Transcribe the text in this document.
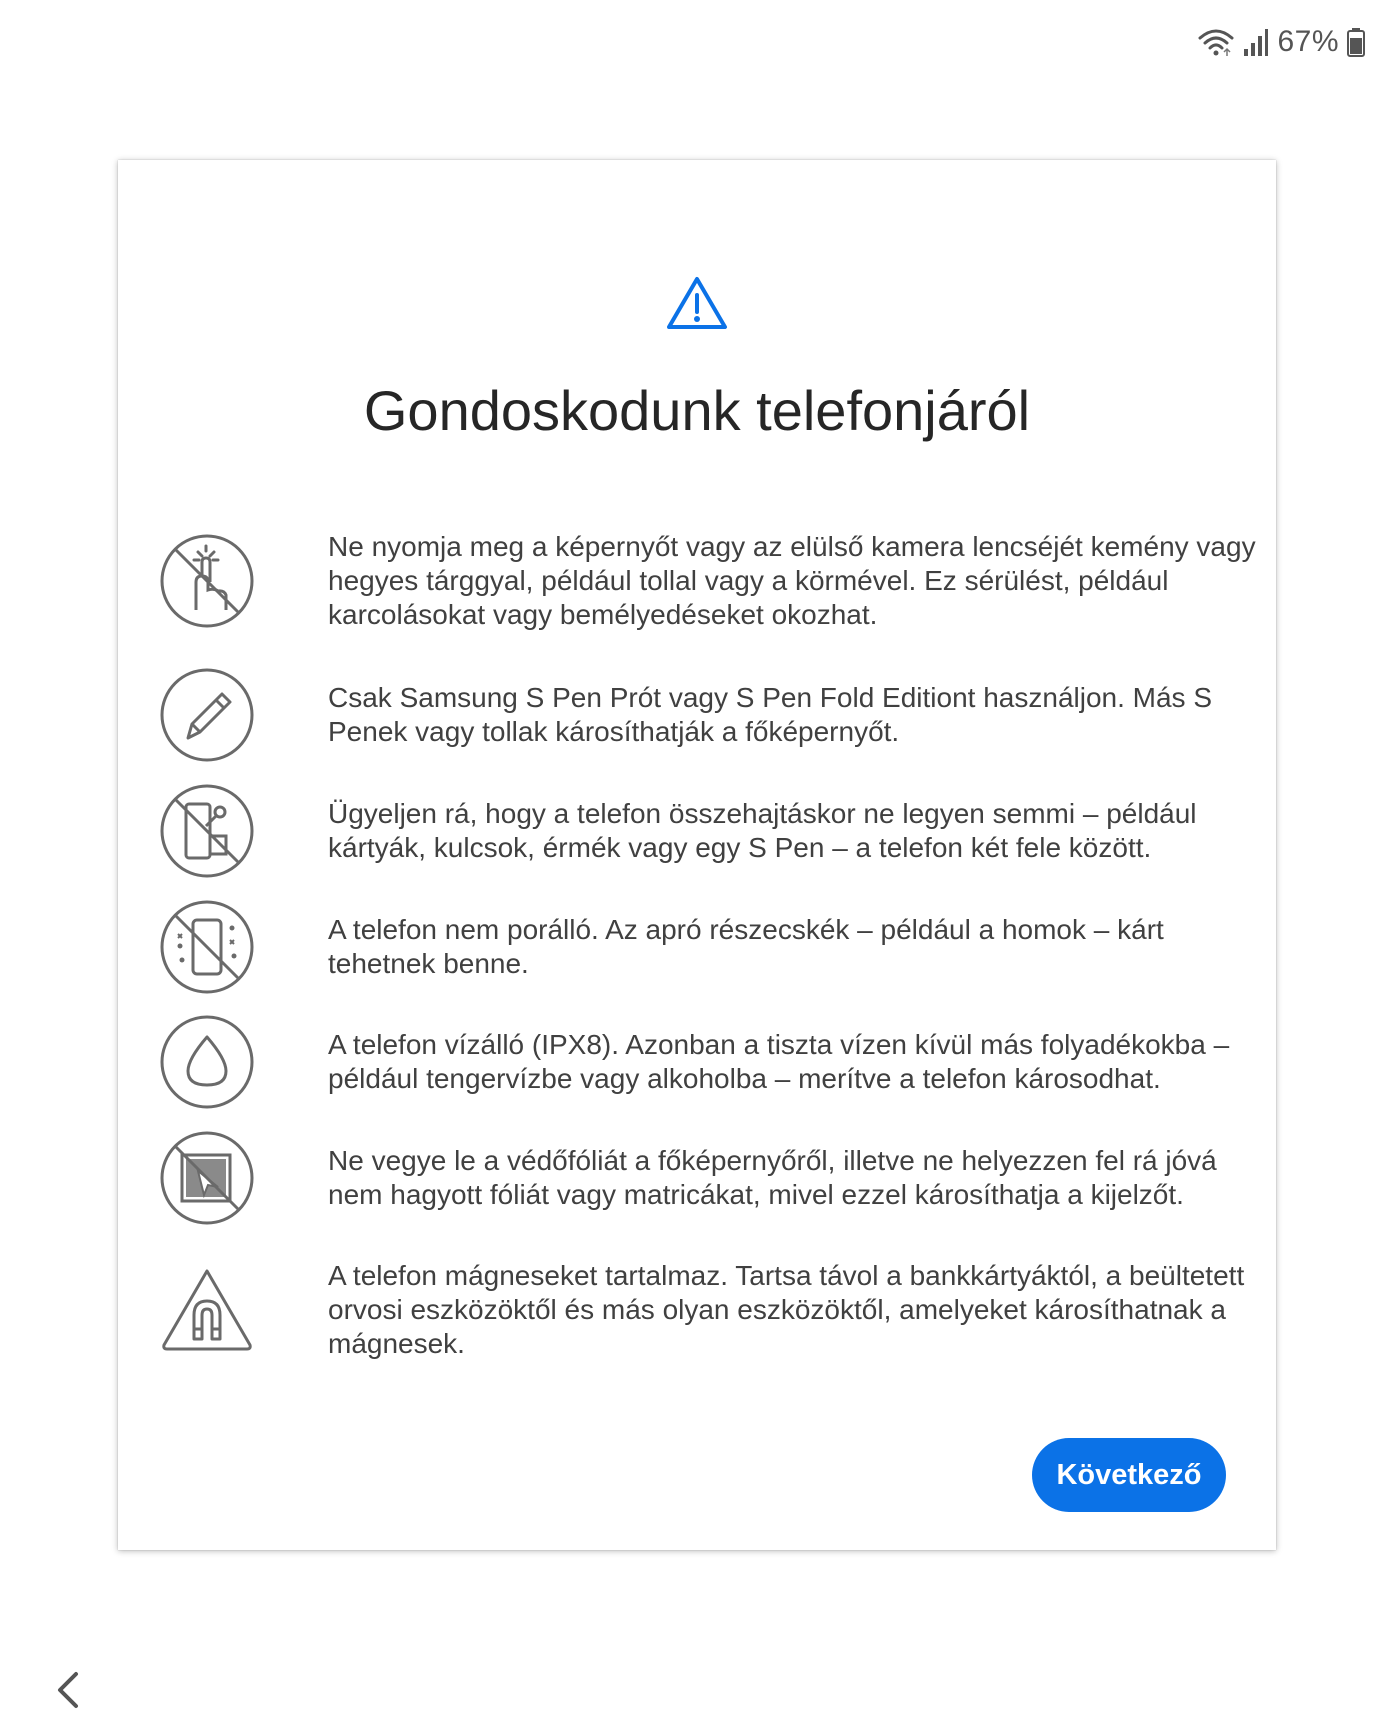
67%
Gondoskodunk telefonjáról
Ne nyomja meg a képernyőt vagy az elülső kamera lencséjét kemény vagy hegyes tárggyal, például tollal vagy a körmével. Ez sérülést, például karcolásokat vagy bemélyedéseket okozhat.
Csak Samsung S Pen Prót vagy S Pen Fold Editiont használjon. Más S Penek vagy tollak károsíthatják a főképernyőt.
Ügyeljen rá, hogy a telefon összehajtáskor ne legyen semmi – például kártyák, kulcsok, érmék vagy egy S Pen – a telefon két fele között.
A telefon nem porálló. Az apró részecskék – például a homok – kárt tehetnek benne.
A telefon vízálló (IPX8). Azonban a tiszta vízen kívül más folyadékokba – például tengervízbe vagy alkoholba – merítve a telefon károsodhat.
Ne vegye le a védőfóliát a főképernyőről, illetve ne helyezzen fel rá jóvá nem hagyott fóliát vagy matricákat, mivel ezzel károsíthatja a kijelzőt.
A telefon mágneseket tartalmaz. Tartsa távol a bankkártyáktól, a beültetett orvosi eszközöktől és más olyan eszközöktől, amelyeket károsíthatnak a mágnesek.
Következő
